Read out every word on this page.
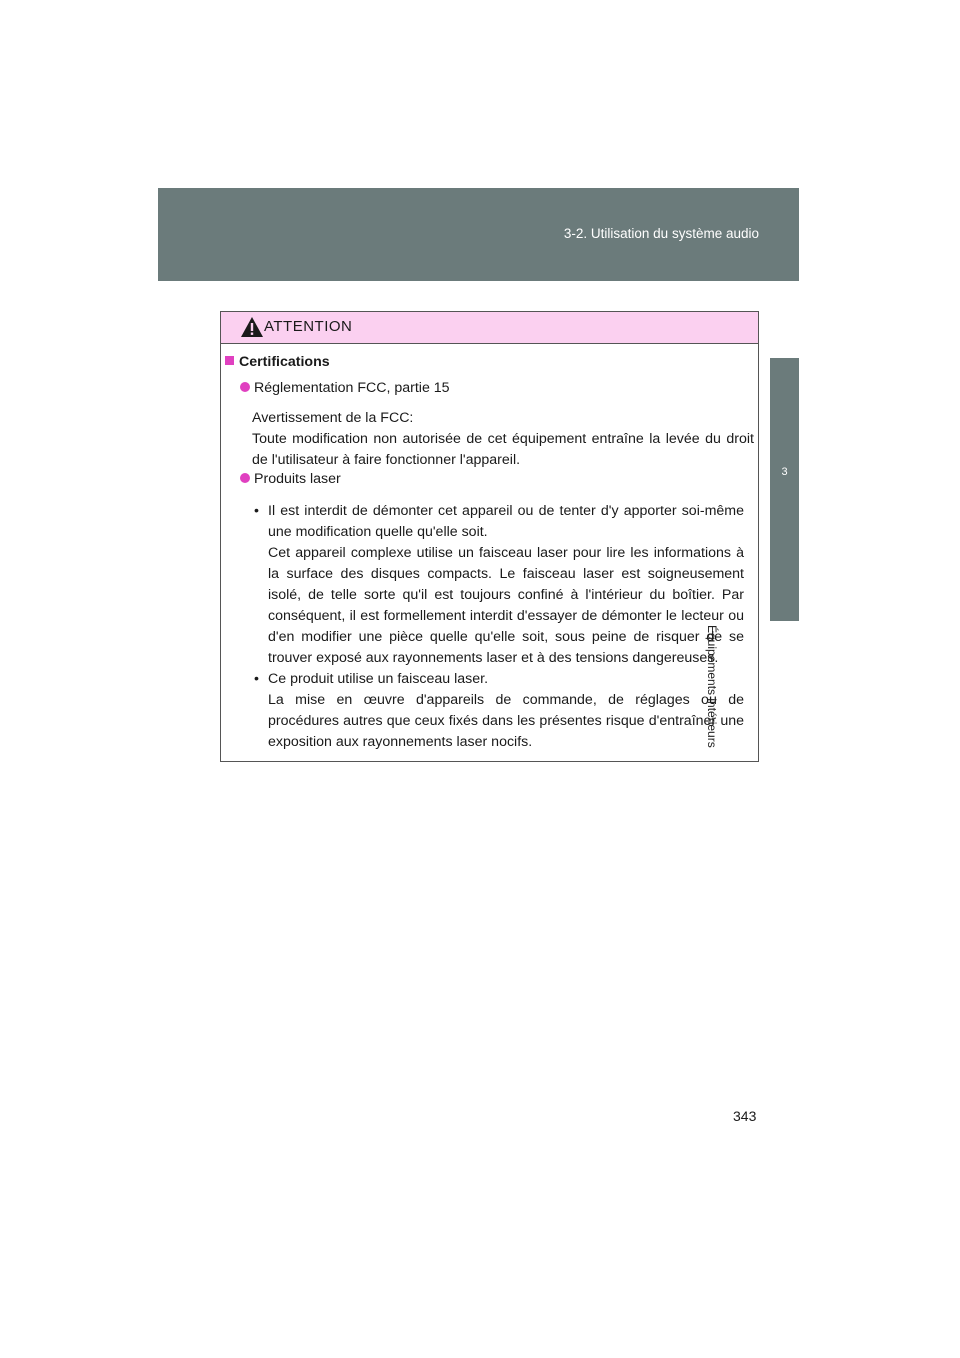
3-2. Utilisation du système audio
3
Équipements intérieurs
ATTENTION
Certifications
Réglementation FCC, partie 15
Avertissement de la FCC:
Toute modification non autorisée de cet équipement entraîne la levée du droit de l'utilisateur à faire fonctionner l'appareil.
Produits laser
• Il est interdit de démonter cet appareil ou de tenter d'y apporter soi-même une modification quelle qu'elle soit.
Cet appareil complexe utilise un faisceau laser pour lire les informations à la surface des disques compacts. Le faisceau laser est soigneusement isolé, de telle sorte qu'il est toujours confiné à l'intérieur du boîtier. Par conséquent, il est formellement interdit d'essayer de démonter le lecteur ou d'en modifier une pièce quelle qu'elle soit, sous peine de risquer de se trouver exposé aux rayonnements laser et à des tensions dangereuses.
• Ce produit utilise un faisceau laser.
La mise en œuvre d'appareils de commande, de réglages ou de procédures autres que ceux fixés dans les présentes risque d'entraîner une exposition aux rayonnements laser nocifs.
343
